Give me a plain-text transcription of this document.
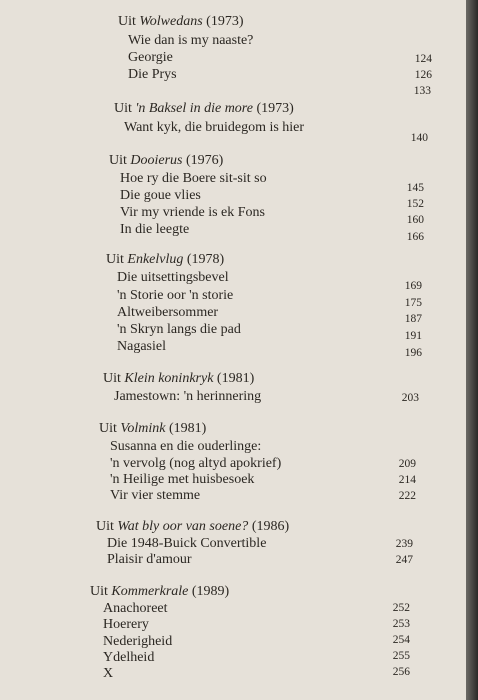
Uit Wolwedans (1973)
Wie dan is my naaste?
Georgie
Die Prys
124
126
133
Uit 'n Baksel in die more (1973)
Want kyk, die bruidegom is hier
140
Uit Dooierus (1976)
Hoe ry die Boere sit-sit so
Die goue vlies
Vir my vriende is ek Fons
In die leegte
145
152
160
166
Uit Enkelvlug (1978)
Die uitsettingsbevel
'n Storie oor 'n storie
Altweibersommer
'n Skryn langs die pad
Nagasiel
169
175
187
191
196
Uit Klein koninkryk (1981)
Jamestown: 'n herinnering	203
Uit Volmink (1981)
Susanna en die ouderlinge:
'n vervolg (nog altyd apokrief)
'n Heilige met huisbesoek
Vir vier stemme
209
214
222
Uit Wat bly oor van soene? (1986)
Die 1948-Buick Convertible
Plaisir d'amour
239
247
Uit Kommerkrale (1989)
Anachoreet
Hoerery
Nederigheid
Ydelheid
X
252
253
254
255
256
